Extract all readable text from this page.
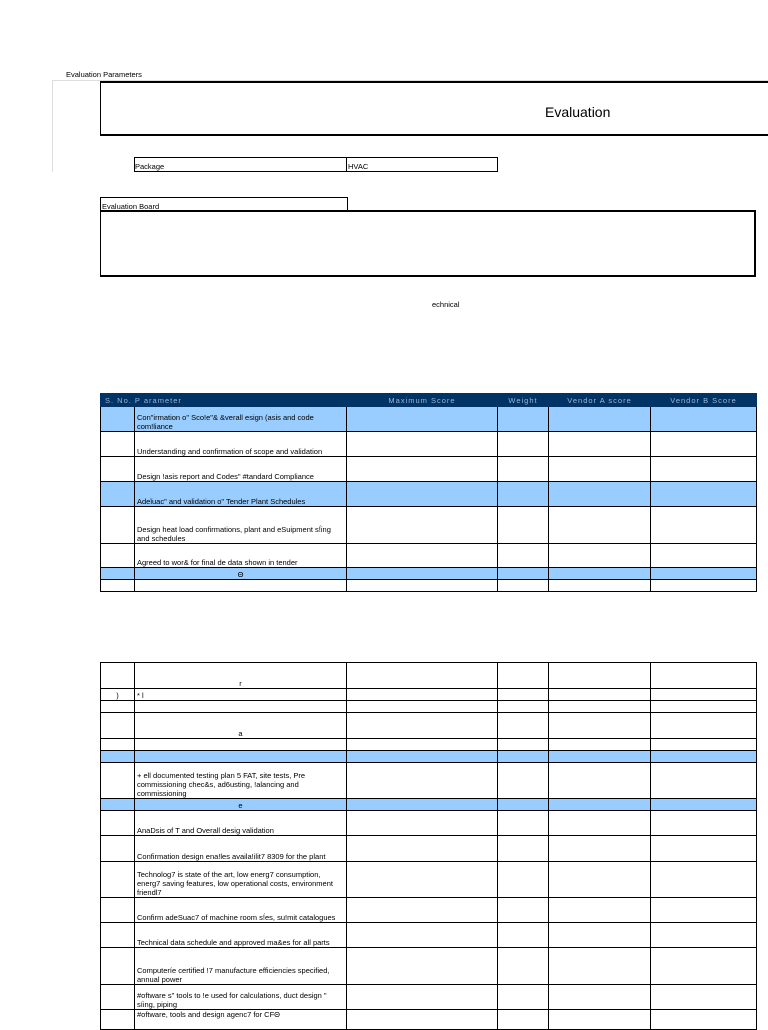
Evaluation Parameters
Evaluation
Package	HVAC
Evaluation Board
echnical
S. No. P arameter		Maximum Score	Weight	Vendor A score	Vendor B Score
	Con"irmation o" Sco!e"& &verall esign (asis and code com!liance				
	Understanding and confirmation of scope and validation				
	Design !asis report and Codes" #tandard Compliance				
	Adeǐuac" and validation o" Tender Plant Schedules				
	Design heat load confirmations, plant and eSuipment s!́ing and schedules				
	Agreed to wor& for final de data shown in tender				
	Θ				

	r				
)	* l				

	a				

	+ ell documented testing plan 5 FAT, site tests, Pre commissioning chec&s, ad6usting, !alancing and commissioning				
	e				
	AnaDsis of T and Overall desig validation				
	Confirmation design ena!les availa!ilit7 8309 for the plant				
	Technolog7 is state of the art, low energ7 consumption, energ7 saving features, low operational costs, environment friendl7				
	Confirm adeSuac7 of machine room s!́es, su!mit catalogues				
	Technical data schedule and approved ma&es for all parts				
	Computeríe certified !7 manufacture efficiencies specified, annual power				
	#oftware s" tools to !e used for calculations, duct design " síing, piping				
	#oftware, tools and design agenc7 for CFΘ				
